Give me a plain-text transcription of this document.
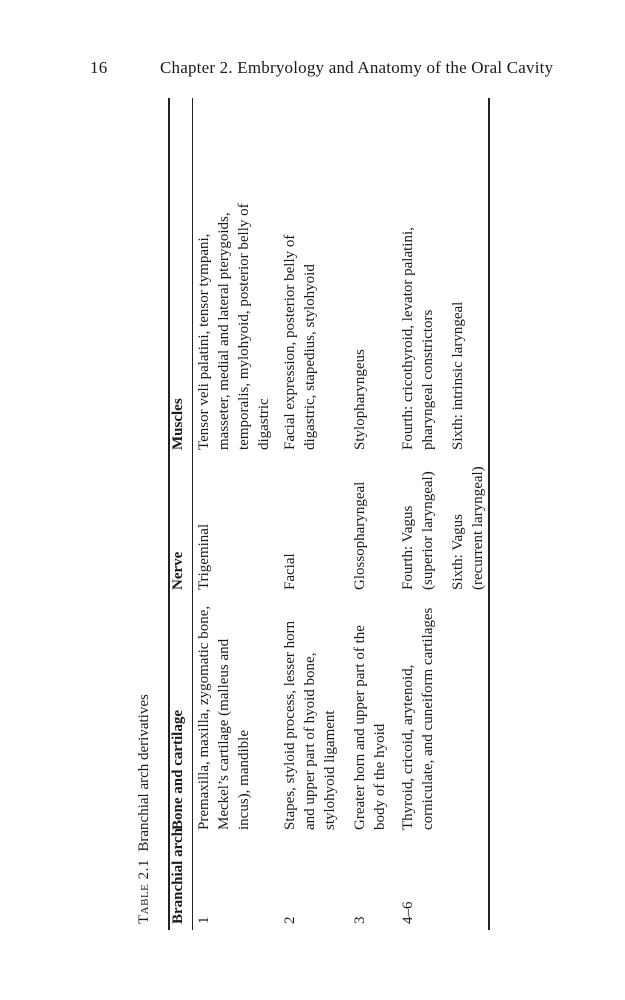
16	Chapter 2. Embryology and Anatomy of the Oral Cavity
Table 2.1  Branchial arch derivatives
Branchial arch
Bone and cartilage
Nerve
Muscles
1
Premaxilla, maxilla, zygomatic bone, Meckel’s cartilage (malleus and incus), mandible
Trigeminal
Tensor veli palatini, tensor tympani, masseter, medial and lateral pterygoids, temporalis, mylohyoid, posterior belly of digastric
2
Stapes, styloid process, lesser horn and upper part of hyoid bone, stylohyoid ligament
Facial
Facial expression, posterior belly of digastric, stapedius, stylohyoid
3
Greater horn and upper part of the body of the hyoid
Glossopharyngeal
Stylopharyngeus
4–6
Thyroid, cricoid, arytenoid, corniculate, and cuneiform cartilages
Fourth: Vagus (superior laryngeal) Sixth: Vagus (recurrent laryngeal)
Fourth: cricothyroid, levator palatini, pharyngeal constrictors Sixth: intrinsic laryngeal
